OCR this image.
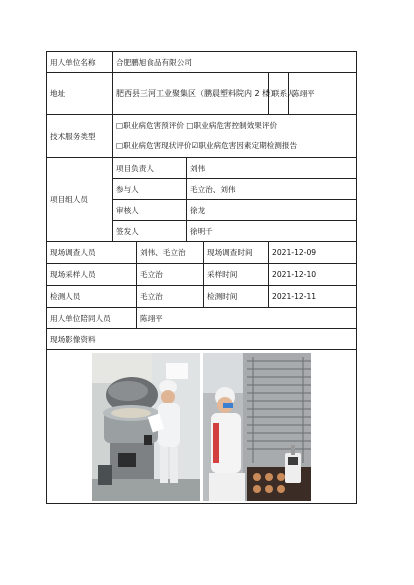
用人单位名称	合肥鹏旭食品有限公司					
地址	肥西县三河工业聚集区（鹏晨塑料院内 2 楼）				联系人	陈翊平
技术服务类型	□职业病危害预评价 □职业病危害控制效果评价
□职业病危害现状评价☑职业病危害因素定期检测报告					
项目组人员	项目负责人		刘伟			
	参与人		毛立治、刘伟			
	审核人		徐龙			
	签发人		徐明千			
现场调查人员		刘伟、毛立治		现场调查时间	2021-12-09	
现场采样人员		毛立治		采样时间	2021-12-10	
检测人员		毛立治		检测时间	2021-12-11	
用人单位陪同人员		陈翊平				
现场影像资料						
